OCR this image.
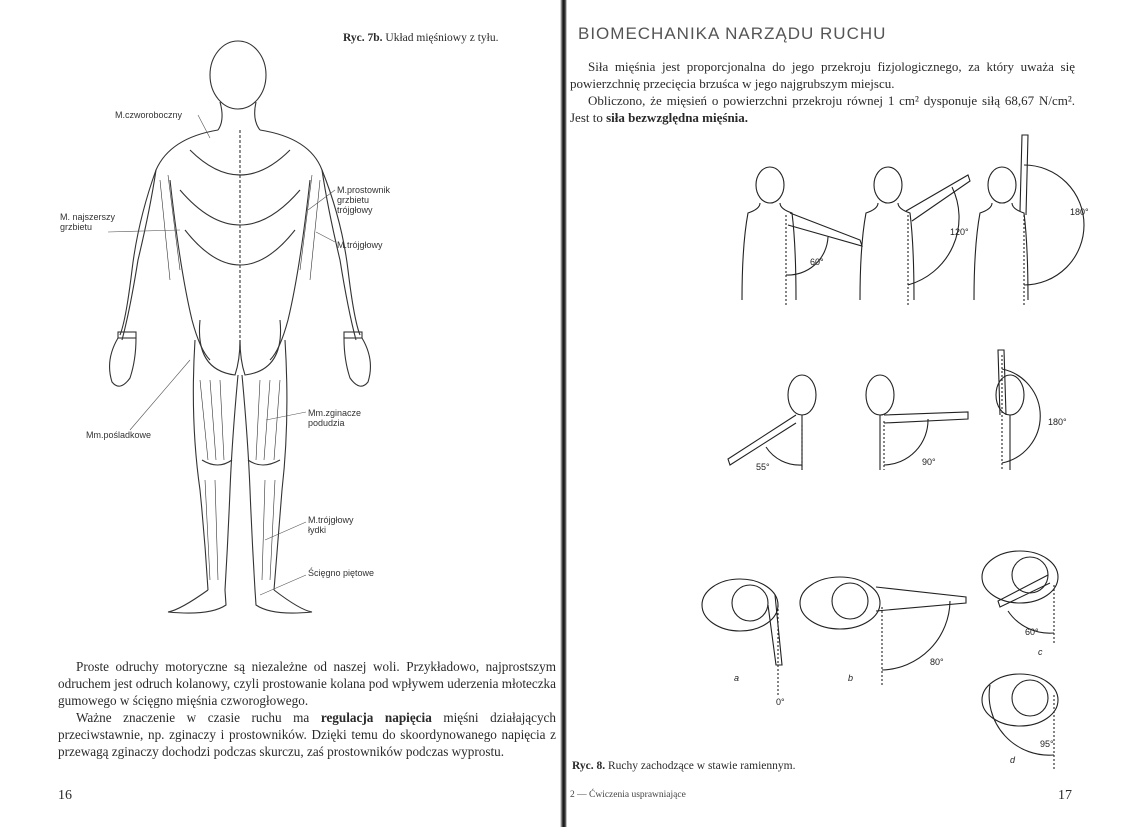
Ryc. 7b. Układ mięśniowy z tyłu.
M.czworoboczny
M. najszerszy
grzbietu
M.prostownik
grzbietu
trójgłowy
M.trójgłowy
Mm.pośladkowe
Mm.zginacze
podudzia
M.trójgłowy
łydki
Ścięgno piętowe

Proste odruchy motoryczne są niezależne od naszej woli. Przykładowo, najprostszym odruchem jest odruch kolanowy, czyli prostowanie kolana pod wpływem uderzenia młoteczka gumowego w ścięgno mięśnia czworogłowego.

Ważne znaczenie w czasie ruchu ma regulacja napięcia mięśni działających przeciwstawnie, np. zginaczy i prostowników. Dzięki temu do skoordynowanego napięcia z przewagą zginaczy dochodzi podczas skurczu, zaś prostowników podczas wyprostu.

16
BIOMECHANIKA NARZĄDU RUCHU

Siła mięśnia jest proporcjonalna do jego przekroju fizjologicznego, za który uważa się powierzchnię przecięcia brzuśca w jego najgrubszym miejscu.

Obliczono, że mięsień o powierzchni przekroju równej 1 cm² dysponuje siłą 68,67 N/cm². Jest to siła bezwzględna mięśnia.

60°
120°
180°
55°	90°
180°
0°
80°
60°
95°
a	b
c
d
Ryc. 8. Ruchy zachodzące w stawie ramiennym.
2 — Ćwiczenia usprawniające	17
